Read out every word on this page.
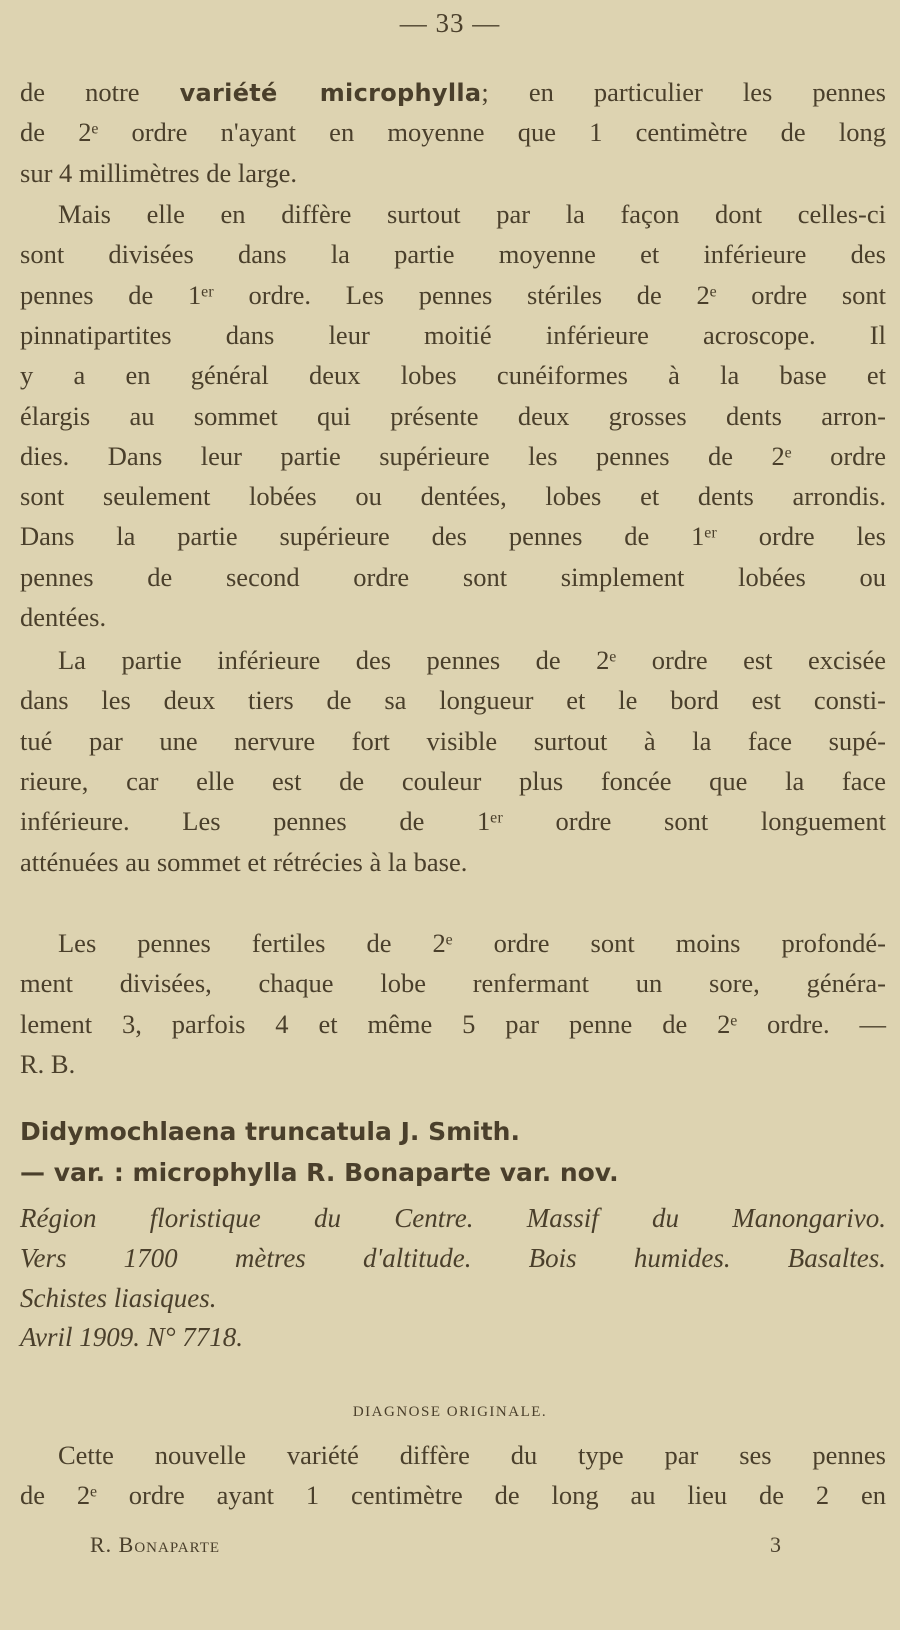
— 33 —
de notre variété microphylla; en particulier les pennes
de 2ᵉ ordre n'ayant en moyenne que 1 centimètre de long
sur 4 millimètres de large.
Mais elle en diffère surtout par la façon dont celles-ci
sont divisées dans la partie moyenne et inférieure des
pennes de 1ᵉʳ ordre. Les pennes stériles de 2ᵉ ordre sont
pinnatipartites dans leur moitié inférieure acroscope. Il
y a en général deux lobes cunéiformes à la base et
élargis au sommet qui présente deux grosses dents arron-
dies. Dans leur partie supérieure les pennes de 2ᵉ ordre
sont seulement lobées ou dentées, lobes et dents arrondis.
Dans la partie supérieure des pennes de 1ᵉʳ ordre les
pennes de second ordre sont simplement lobées ou
dentées.
La partie inférieure des pennes de 2ᵉ ordre est excisée
dans les deux tiers de sa longueur et le bord est consti-
tué par une nervure fort visible surtout à la face supé-
rieure, car elle est de couleur plus foncée que la face
inférieure. Les pennes de 1ᵉʳ ordre sont longuement
atténuées au sommet et rétrécies à la base.
Les pennes fertiles de 2ᵉ ordre sont moins profondé-
ment divisées, chaque lobe renfermant un sore, généra-
lement 3, parfois 4 et même 5 par penne de 2ᵉ ordre. —
R. B.
Didymochlaena truncatula J. Smith.
— var. : microphylla R. Bonaparte var. nov.
Région floristique du Centre. Massif du Manongarivo.
Vers 1700 mètres d'altitude. Bois humides. Basaltes.
Schistes liasiques.
Avril 1909. N° 7718.
DIAGNOSE ORIGINALE.
Cette nouvelle variété diffère du type par ses pennes
de 2ᵉ ordre ayant 1 centimètre de long au lieu de 2 en
R. Bonaparte	3
